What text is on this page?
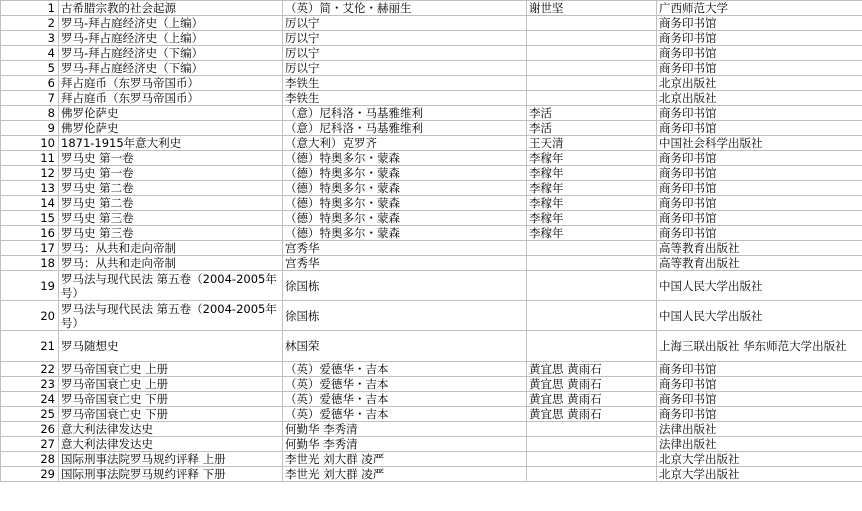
1	古希腊宗教的社会起源	（英）简・艾伦・赫丽生	谢世坚	广西师范大学
2	罗马-拜占庭经济史（上编）	厉以宁		商务印书馆
3	罗马-拜占庭经济史（上编）	厉以宁		商务印书馆
4	罗马-拜占庭经济史（下编）	厉以宁		商务印书馆
5	罗马-拜占庭经济史（下编）	厉以宁		商务印书馆
6	拜占庭币（东罗马帝国币）	李铁生		北京出版社
7	拜占庭币（东罗马帝国币）	李铁生		北京出版社
8	佛罗伦萨史	（意）尼科洛・马基雅维利	李活	商务印书馆
9	佛罗伦萨史	（意）尼科洛・马基雅维利	李活	商务印书馆
10	1871-1915年意大利史	（意大利）克罗齐	王天清	中国社会科学出版社
11	罗马史 第一卷	（德）特奥多尔・蒙森	李稼年	商务印书馆
12	罗马史 第一卷	（德）特奥多尔・蒙森	李稼年	商务印书馆
13	罗马史 第二卷	（德）特奥多尔・蒙森	李稼年	商务印书馆
14	罗马史 第二卷	（德）特奥多尔・蒙森	李稼年	商务印书馆
15	罗马史 第三卷	（德）特奥多尔・蒙森	李稼年	商务印书馆
16	罗马史 第三卷	（德）特奥多尔・蒙森	李稼年	商务印书馆
17	罗马：从共和走向帝制	宫秀华		高等教育出版社
18	罗马：从共和走向帝制	宫秀华		高等教育出版社
19	罗马法与现代民法 第五卷（2004-2005年号）	徐国栋		中国人民大学出版社
20	罗马法与现代民法 第五卷（2004-2005年号）	徐国栋		中国人民大学出版社
21	罗马随想史	林国荣		上海三联出版社 华东师范大学出版社
22	罗马帝国衰亡史 上册	（英）爱德华・吉本	黄宜思 黄雨石	商务印书馆
23	罗马帝国衰亡史 上册	（英）爱德华・吉本	黄宜思 黄雨石	商务印书馆
24	罗马帝国衰亡史 下册	（英）爱德华・吉本	黄宜思 黄雨石	商务印书馆
25	罗马帝国衰亡史 下册	（英）爱德华・吉本	黄宜思 黄雨石	商务印书馆
26	意大利法律发达史	何勤华 李秀清		法律出版社
27	意大利法律发达史	何勤华 李秀清		法律出版社
28	国际刑事法院罗马规约评释 上册	李世光 刘大群 凌严		北京大学出版社
29	国际刑事法院罗马规约评释 下册	李世光 刘大群 凌严		北京大学出版社
